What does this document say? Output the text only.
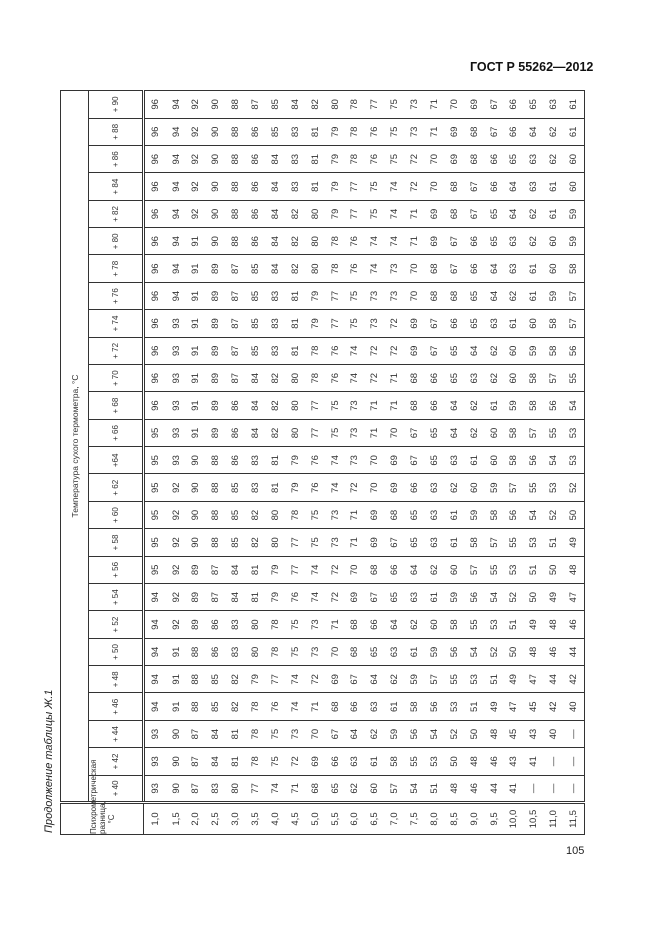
ГОСТ Р 55262—2012
Продолжение таблицы Ж.1	Психрометрическая разница, °С	Температура сухого термометра, °С																									
	+ 40	+ 42	+ 44	+ 46	+ 48	+ 50	+ 52	+ 54	+ 56	+ 58	+ 60	+ 62	+64	+ 66	+ 68	+ 70	+ 72	+ 74	+ 76	+ 78	+ 80	+ 82	+ 84	+ 86	+ 88	+ 90
1,0	93	93	93	94	94	94	94	94	95	95	95	95	95	95	96	96	96	96	96	96	96	96	96	96	96	96
1,5	90	90	90	91	91	91	92	92	92	92	92	92	93	93	93	93	93	93	94	94	94	94	94	94	94	94
2,0	87	87	87	88	88	88	89	89	89	90	90	90	90	91	91	91	91	91	91	91	91	92	92	92	92	92
2,5	83	84	84	85	85	86	86	87	87	88	88	88	88	89	89	89	89	89	89	89	90	90	90	90	90	90
3,0	80	81	81	82	82	83	83	84	84	85	85	85	86	86	86	87	87	87	87	87	88	88	88	88	88	88
3,5	77	78	78	78	79	80	80	81	81	82	82	83	83	84	84	84	85	85	85	85	86	86	86	86	86	87
4,0	74	75	75	76	77	78	78	79	79	80	80	81	81	82	82	82	83	83	83	84	84	84	84	84	85	85
4,5	71	72	73	74	74	75	75	76	77	77	78	79	79	80	80	80	81	81	81	82	82	82	83	83	83	84
5,0	68	69	70	71	72	73	73	74	74	75	75	76	76	77	77	78	78	79	79	80	80	80	81	81	81	82
5,5	65	66	67	68	69	70	71	72	72	73	73	74	74	75	75	76	76	77	77	78	78	79	79	79	79	80
6,0	62	63	64	66	67	68	68	69	70	71	71	72	73	73	73	74	74	75	75	76	76	77	77	78	78	78
6,5	60	61	62	63	64	65	66	67	68	69	69	70	70	71	71	72	72	73	73	74	74	75	75	76	76	77
7,0	57	58	59	61	62	63	64	65	66	67	68	69	69	70	71	71	72	72	73	73	74	74	74	75	75	75
7,5	54	55	56	58	59	61	62	63	64	65	65	66	67	67	68	68	69	69	70	70	71	71	72	72	73	73
8,0	51	53	54	56	57	59	60	61	62	63	63	63	65	65	66	66	67	67	68	68	69	69	70	70	71	71
8,5	48	50	52	53	55	56	58	59	60	61	61	62	63	64	64	65	65	66	68	67	67	68	68	69	69	70
9,0	46	48	50	51	53	54	55	56	57	58	59	60	61	62	62	63	64	65	65	66	66	67	67	68	68	69
9,5	44	46	48	49	51	52	53	54	55	57	58	59	60	60	61	62	62	63	64	64	65	65	66	66	67	67
10,0	41	43	45	47	49	50	51	52	53	55	56	57	58	58	59	60	60	61	62	63	63	64	64	65	66	66
10,5	—	41	43	45	47	48	49	50	51	53	54	55	56	57	58	58	59	60	61	61	62	62	63	63	64	65
11,0	—	—	40	42	44	46	48	49	50	51	52	53	54	55	56	57	58	58	59	60	60	61	61	62	62	63
11,5	—	—	—	40	42	44	46	47	48	49	50	52	53	53	54	55	56	57	57	58	59	59	60	60	61	61
105
